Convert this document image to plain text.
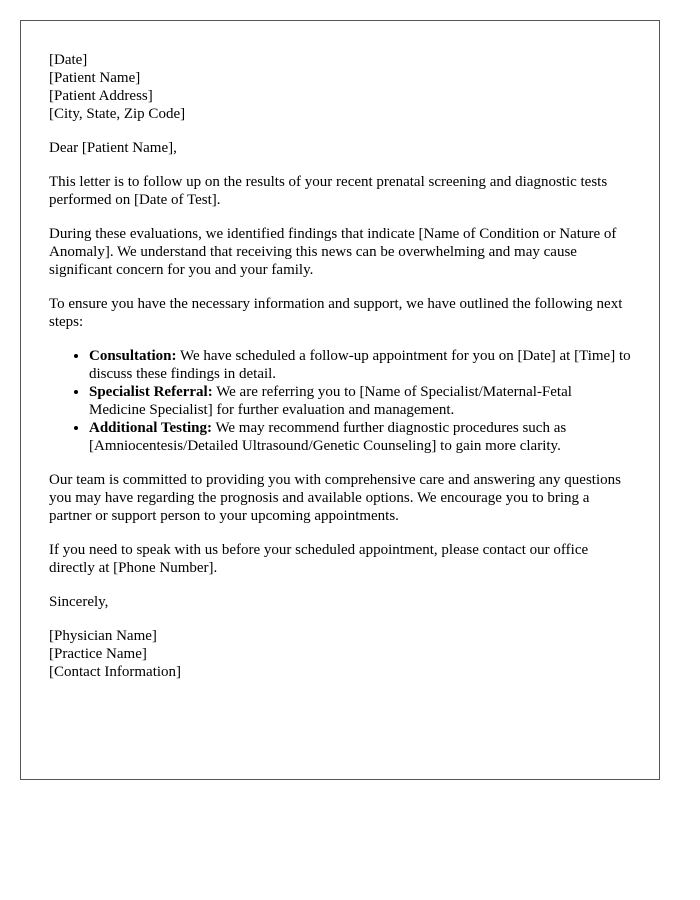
[Date]
[Patient Name]
[Patient Address]
[City, State, Zip Code]

Dear [Patient Name],

This letter is to follow up on the results of your recent prenatal screening and diagnostic tests performed on [Date of Test].

During these evaluations, we identified findings that indicate [Name of Condition or Nature of Anomaly]. We understand that receiving this news can be overwhelming and may cause significant concern for you and your family.

To ensure you have the necessary information and support, we have outlined the following next steps:

• Consultation: We have scheduled a follow-up appointment for you on [Date] at [Time] to discuss these findings in detail.
• Specialist Referral: We are referring you to [Name of Specialist/Maternal-Fetal Medicine Specialist] for further evaluation and management.
• Additional Testing: We may recommend further diagnostic procedures such as [Amniocentesis/Detailed Ultrasound/Genetic Counseling] to gain more clarity.

Our team is committed to providing you with comprehensive care and answering any questions you may have regarding the prognosis and available options. We encourage you to bring a partner or support person to your upcoming appointments.

If you need to speak with us before your scheduled appointment, please contact our office directly at [Phone Number].

Sincerely,

[Physician Name]
[Practice Name]
[Contact Information]
